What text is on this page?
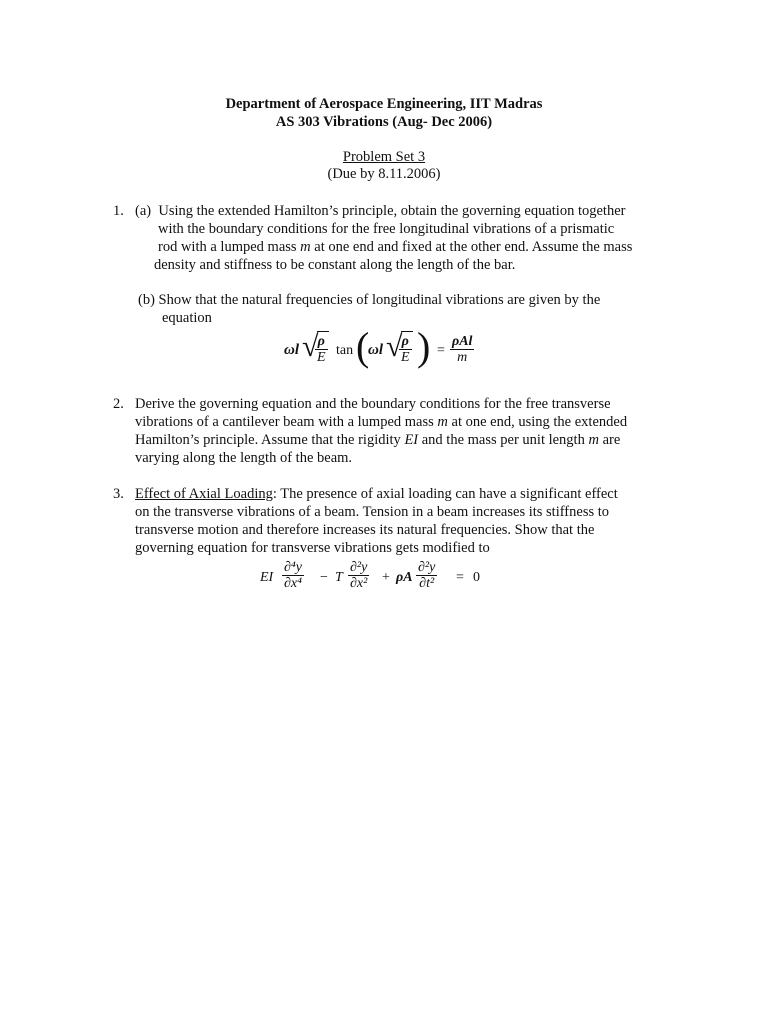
Department of Aerospace Engineering, IIT Madras
AS 303 Vibrations (Aug- Dec 2006)
Problem Set 3
(Due by 8.11.2006)
1. (a) Using the extended Hamilton’s principle, obtain the governing equation together
with the boundary conditions for the free longitudinal vibrations of a prismatic
rod with a lumped mass m at one end and fixed at the other end. Assume the mass
density and stiffness to be constant along the length of the bar.
(b) Show that the natural frequencies of longitudinal vibrations are given by the
equation
ωl √
$\frac{\rho}{E}$ tan (
ωl √
$\frac{\rho}{E}$ ) =
ρAl
m
2. Derive the governing equation and the boundary conditions for the free transverse
vibrations of a cantilever beam with a lumped mass m at one end, using the extended
Hamilton’s principle. Assume that the rigidity EI and the mass per unit length m are
varying along the length of the beam.
3. Effect of Axial Loading: The presence of axial loading can have a significant effect
on the transverse vibrations of a beam. Tension in a beam increases its stiffness to
transverse motion and therefore increases its natural frequencies. Show that the
governing equation for transverse vibrations gets modified to
EI $\frac{\text{∂⁴y}}{\text{∂x⁴}} - T \frac{\text{∂²y}}{\text{∂x²}} + \rho A \frac{\text{∂²y}}{\text{∂t²}} = 0$
